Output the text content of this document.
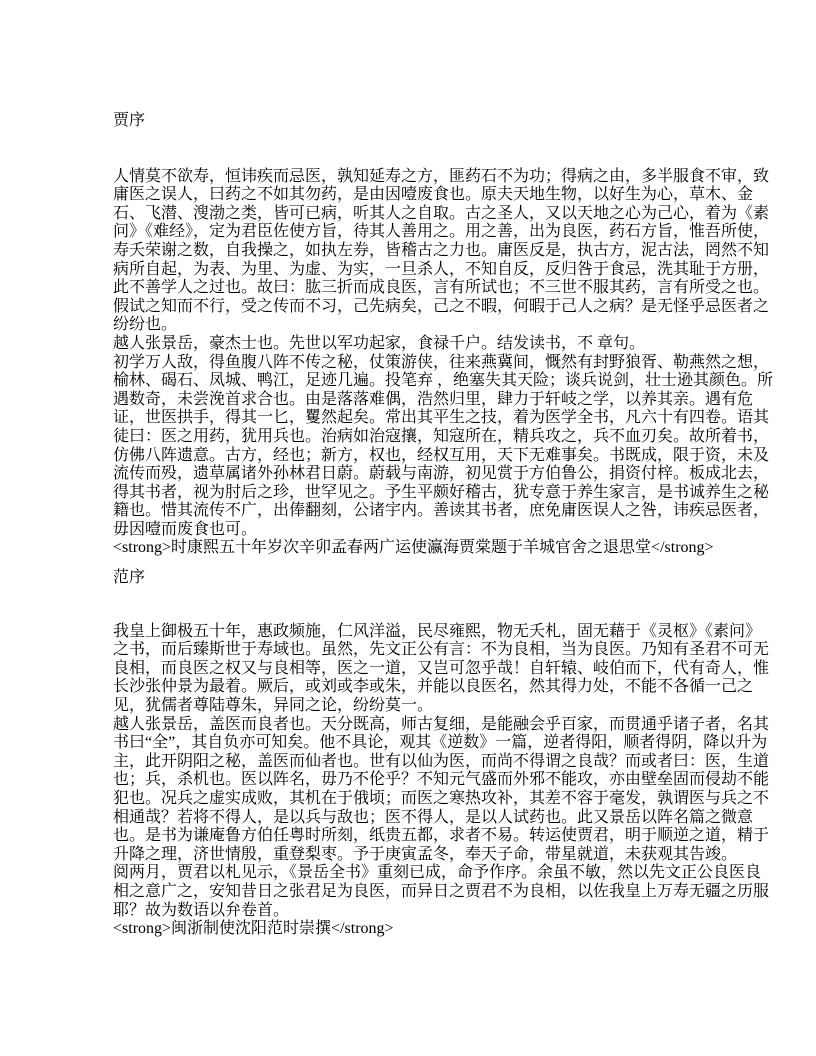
贾序

人情莫不欲寿，恒讳疾而忌医，孰知延寿之方，匪药石不为功；得病之由，多半服食不审，致庸医之误人，曰药之不如其勿药，是由因噎废食也。原夫天地生物，以好生为心，草木、金石、飞潜、溲渤之类，皆可已病，听其人之自取。古之圣人，又以天地之心为己心，着为《素问》《难经》，定为君臣佐使方旨，待其人善用之。用之善，出为良医，药石方旨，惟吾所使，寿夭荣谢之数，自我操之，如执左券，皆稽古之力也。庸医反是，执古方，泥古法，罔然不知病所自起，为表、为里、为虚、为实，一旦杀人，不知自反，反归咎于食忌，洗其耻于方册，此不善学人之过也。故曰：肱三折而成良医，言有所试也；不三世不服其药，言有所受之也。假试之知而不行，受之传而不习，己先病矣，己之不暇，何暇于己人之病？是无怪乎忌医者之纷纷也。

越人张景岳，豪杰士也。先世以军功起家，食禄千户。结发读书，不 章句。

初学万人敌，得鱼腹八阵不传之秘，仗策游侠，往来燕冀间，慨然有封野狼胥、勒燕然之想，榆林、碣石、凤城、鸭江，足迹几遍。投笔弃 ，绝塞失其天险；谈兵说剑，壮士逊其颜色。所遇数奇，未尝浼首求合也。由是落落难偶，浩然归里，肆力于轩岐之学，以养其亲。遇有危证，世医拱手，得其一匕，矍然起矣。常出其平生之技，着为医学全书，凡六十有四卷。语其徒曰：医之用药，犹用兵也。治病如治寇攘，知寇所在，精兵攻之，兵不血刃矣。故所着书，仿佛八阵遗意。古方，经也；新方，权也，经权互用，天下无难事矣。书既成，限于资，未及流传而殁，遗草属诸外孙林君日蔚。蔚载与南游，初见赏于方伯鲁公，捐资付梓。板成北去，得其书者，视为肘后之珍，世罕见之。予生平颇好稽古，犹专意于养生家言，是书诚养生之秘籍也。惜其流传不广，出俸翻刻，公诸宇内。善读其书者，庶免庸医误人之咎，讳疾忌医者，毋因噎而废食也可。

<strong>时康熙五十年岁次辛卯孟春两广运使瀛海贾棠题于羊城官舍之退思堂</strong>

范序

我皇上御极五十年，惠政频施，仁风洋溢，民尽雍熙，物无夭札，固无藉于《灵枢》《素问》之书，而后臻斯世于寿域也。虽然，先文正公有言：不为良相，当为良医。乃知有圣君不可无良相，而良医之权又与良相等，医之一道，又岂可忽乎哉！自轩辕、岐伯而下，代有奇人，惟长沙张仲景为最着。厥后，或刘或李或朱，并能以良医名，然其得力处，不能不各循一己之见，犹儒者尊陆尊朱，异同之论，纷纷莫一。

越人张景岳，盖医而良者也。天分既高，师古复细，是能融会乎百家，而贯通乎诸子者，名其书曰“全”，其自负亦可知矣。他不具论，观其《逆数》一篇，逆者得阳，顺者得阴，降以升为主，此开阴阳之秘，盖医而仙者也。世有以仙为医，而尚不得谓之良哉？而或者曰：医，生道也；兵，杀机也。医以阵名，毋乃不伦乎？不知元气盛而外邪不能攻，亦由壁垒固而侵劫不能犯也。况兵之虚实成败，其机在于俄顷；而医之寒热攻补，其差不容于毫发，孰谓医与兵之不相通哉？若将不得人，是以兵与敌也；医不得人，是以人试药也。此又景岳以阵名篇之微意也。是书为谦庵鲁方伯任粤时所刻，纸贵五都，求者不易。转运使贾君，明于顺逆之道，精于升降之理，济世情殷，重登梨枣。予于庚寅孟冬，奉天子命，带星就道，未获观其告竣。

阅两月，贾君以札见示，《景岳全书》重刻已成，命予作序。余虽不敏，然以先文正公良医良相之意广之，安知昔日之张君足为良医，而异日之贾君不为良相，以佐我皇上万寿无疆之历服耶？故为数语以弁卷首。

<strong>闽浙制使沈阳范时崇撰</strong>
